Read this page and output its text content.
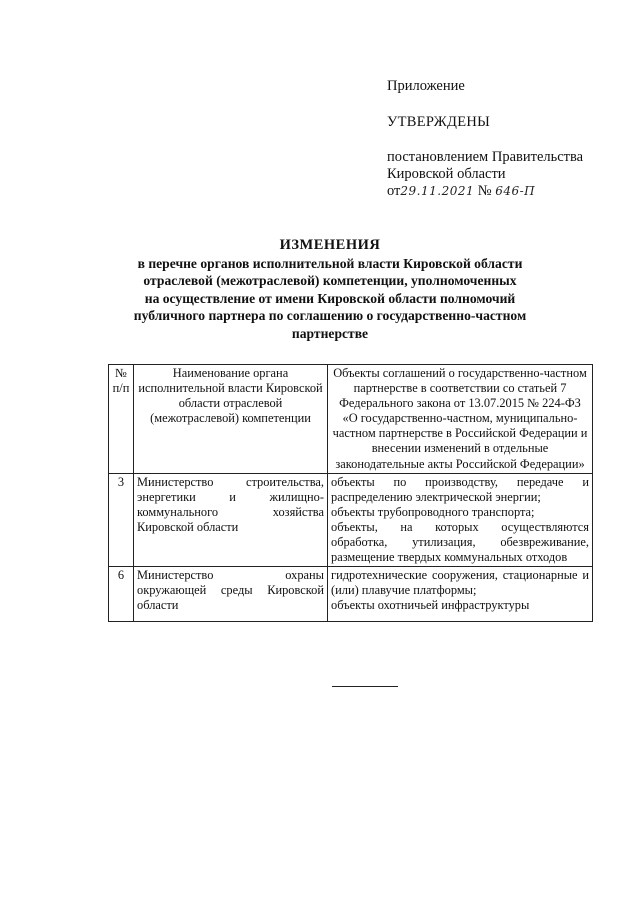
Приложение
УТВЕРЖДЕНЫ
постановлением Правительства
Кировской области
от29.11.2021 № 646-П
ИЗМЕНЕНИЯ
в перечне органов исполнительной власти Кировской области
отраслевой (межотраслевой) компетенции, уполномоченных
на осуществление от имени Кировской области полномочий
публичного партнера по соглашению о государственно-частном
партнерстве
№ п/п	Наименование органа исполнительной власти Кировской области отраслевой (межотраслевой) компетенции	Объекты соглашений о государственно-частном партнерстве в соответствии со статьей 7 Федерального закона от 13.07.2015 № 224-ФЗ «О государственно-частном, муниципально-частном партнерстве в Российской Федерации и внесении изменений в отдельные законодательные акты Российской Федерации»
3	Министерство строительства, энергетики и жилищно-коммунального хозяйства Кировской области	объекты по производству, передаче и распределению электрической энергии;
объекты трубопроводного транспорта;
объекты, на которых осуществляются обработка, утилизация, обезвреживание, размещение твердых коммунальных отходов

6	Министерство охраны окружающей среды Кировской области	гидротехнические сооружения, стационарные и (или) плавучие платформы;
объекты охотничьей инфраструктуры
